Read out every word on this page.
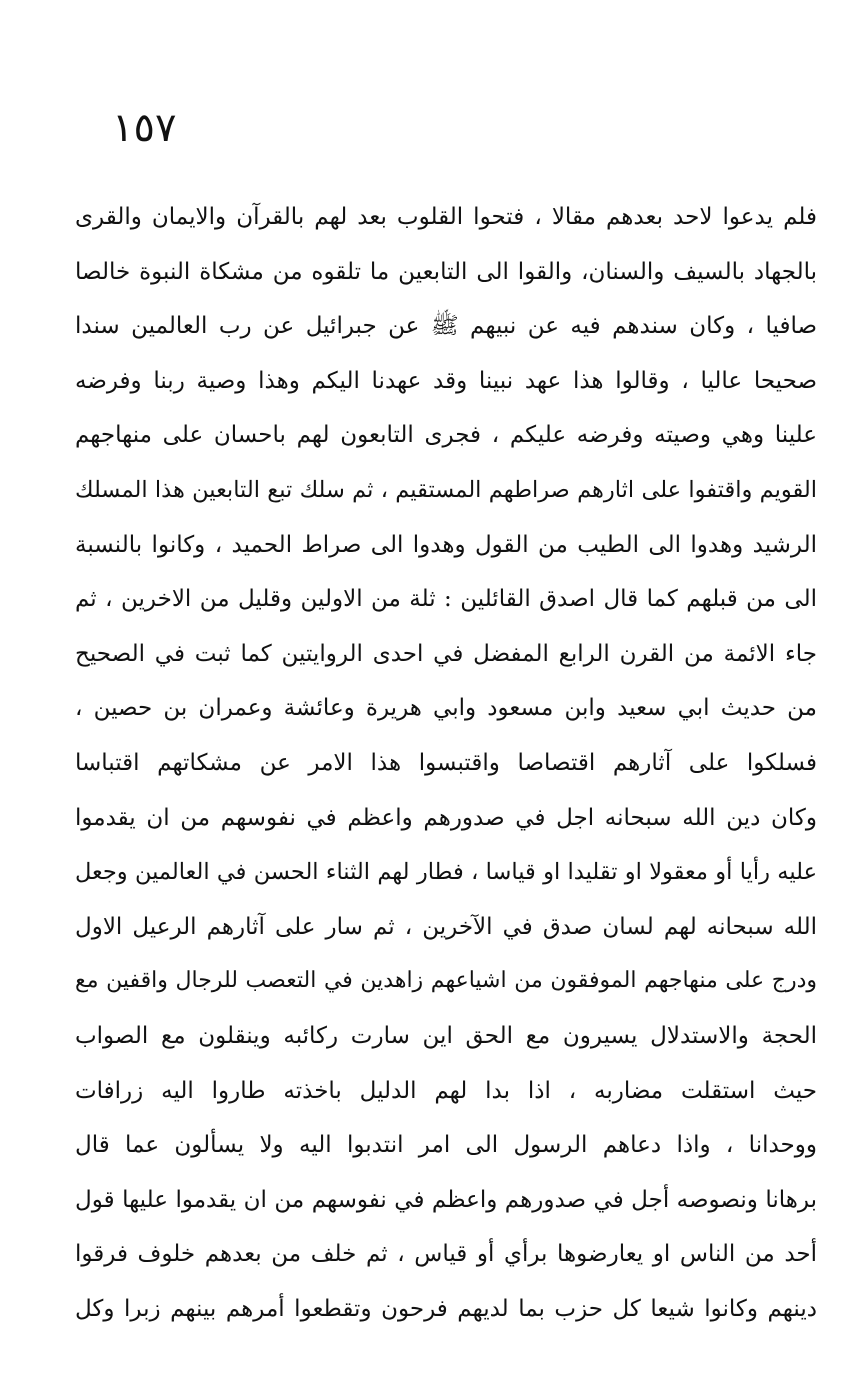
١٥٧
فلم يدعوا لاحد بعدهم مقالا ، فتحوا القلوب بعد لهم بالقرآن والايمان والقرى
بالجهاد بالسيف والسنان، والقوا الى التابعين ما تلقوه من مشكاة النبوة خالصا
صافيا ، وكان سندهم فيه عن نبيهم ﷺ عن جبرائيل عن رب العالمين سندا
صحيحا عاليا ، وقالوا هذا عهد نبينا وقد عهدنا اليكم وهذا وصية ربنا وفرضه
علينا وهي وصيته وفرضه عليكم ، فجرى التابعون لهم باحسان على منهاجهم
القويم واقتفوا على اثارهم صراطهم المستقيم ، ثم سلك تبع التابعين هذا المسلك
الرشيد وهدوا الى الطيب من القول وهدوا الى صراط الحميد ، وكانوا بالنسبة
الى من قبلهم كما قال اصدق القائلين : ثلة من الاولين وقليل من الاخرين ، ثم
جاء الائمة من القرن الرابع المفضل في احدى الروايتين كما ثبت في الصحيح
من حديث ابي سعيد وابن مسعود وابي هريرة وعائشة وعمران بن حصين ،
فسلكوا على آثارهم اقتصاصا واقتبسوا هذا الامر عن مشكاتهم اقتباسا
وكان دين الله سبحانه اجل في صدورهم واعظم في نفوسهم من ان يقدموا
عليه رأيا أو معقولا او تقليدا او قياسا ، فطار لهم الثناء الحسن في العالمين وجعل
الله سبحانه لهم لسان صدق في الآخرين ، ثم سار على آثارهم الرعيل الاول
ودرج على منهاجهم الموفقون من اشياعهم زاهدين في التعصب للرجال واقفين مع
الحجة والاستدلال يسيرون مع الحق اين سارت ركائبه وينقلون مع الصواب
حيث استقلت مضاربه ، اذا بدا لهم الدليل باخذته طاروا اليه زرافات
ووحدانا ، واذا دعاهم الرسول الى امر انتدبوا اليه ولا يسألون عما قال
برهانا ونصوصه أجل في صدورهم واعظم في نفوسهم من ان يقدموا عليها قول
أحد من الناس او يعارضوها برأي أو قياس ، ثم خلف من بعدهم خلوف فرقوا
دينهم وكانوا شيعا كل حزب بما لديهم فرحون وتقطعوا أمرهم بينهم زبرا وكل
